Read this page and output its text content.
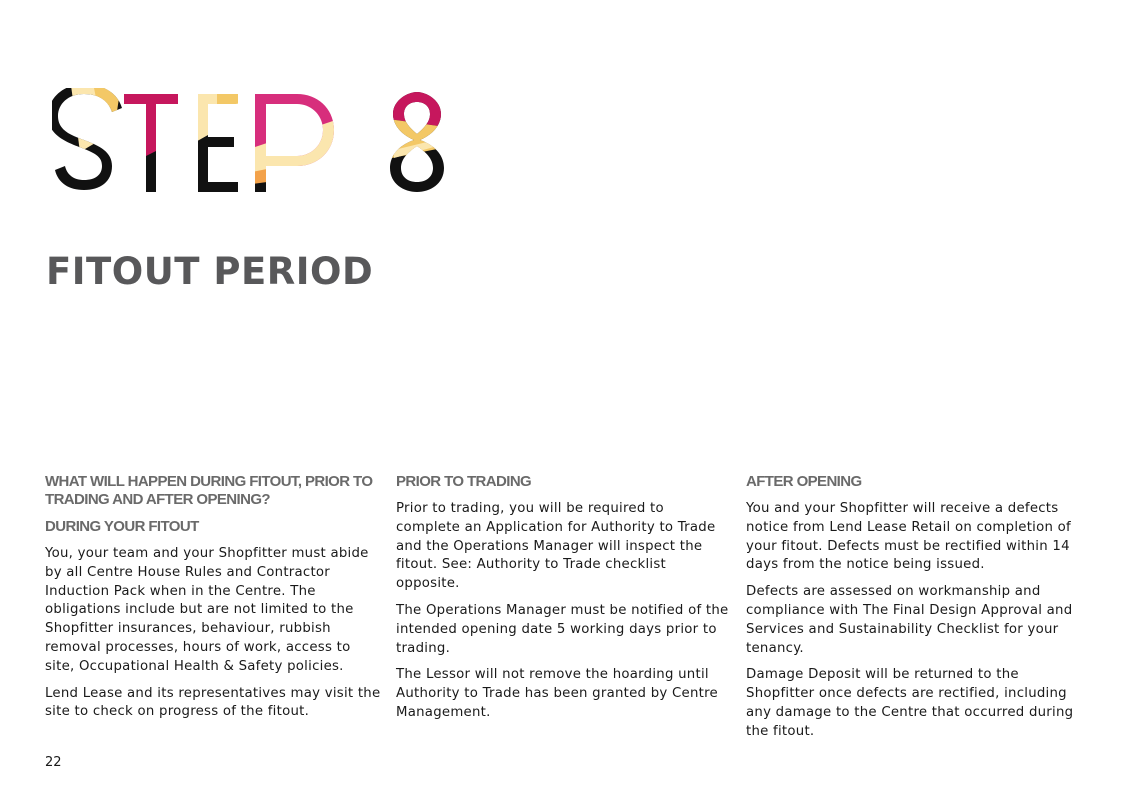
FITOUT PERIOD
WHAT WILL HAPPEN DURING FITOUT, PRIOR TO TRADING AND AFTER OPENING?
DURING YOUR FITOUT

You, your team and your Shopfitter must abide by all Centre House Rules and Contractor Induction Pack when in the Centre. The obligations include but are not limited to the Shopfitter insurances, behaviour, rubbish removal processes, hours of work, access to site, Occupational Health & Safety policies.

Lend Lease and its representatives may visit the site to check on progress of the fitout.

PRIOR TO TRADING

Prior to trading, you will be required to complete an Application for Authority to Trade and the Operations Manager will inspect the fitout. See: Authority to Trade checklist opposite.

The Operations Manager must be notified of the intended opening date 5 working days prior to trading.

The Lessor will not remove the hoarding until Authority to Trade has been granted by Centre Management.

AFTER OPENING

You and your Shopfitter will receive a defects notice from Lend Lease Retail on completion of your fitout. Defects must be rectified within 14 days from the notice being issued.

Defects are assessed on workmanship and compliance with The Final Design Approval and Services and Sustainability Checklist for your tenancy.

Damage Deposit will be returned to the Shopfitter once defects are rectified, including any damage to the Centre that occurred during the fitout.

22
